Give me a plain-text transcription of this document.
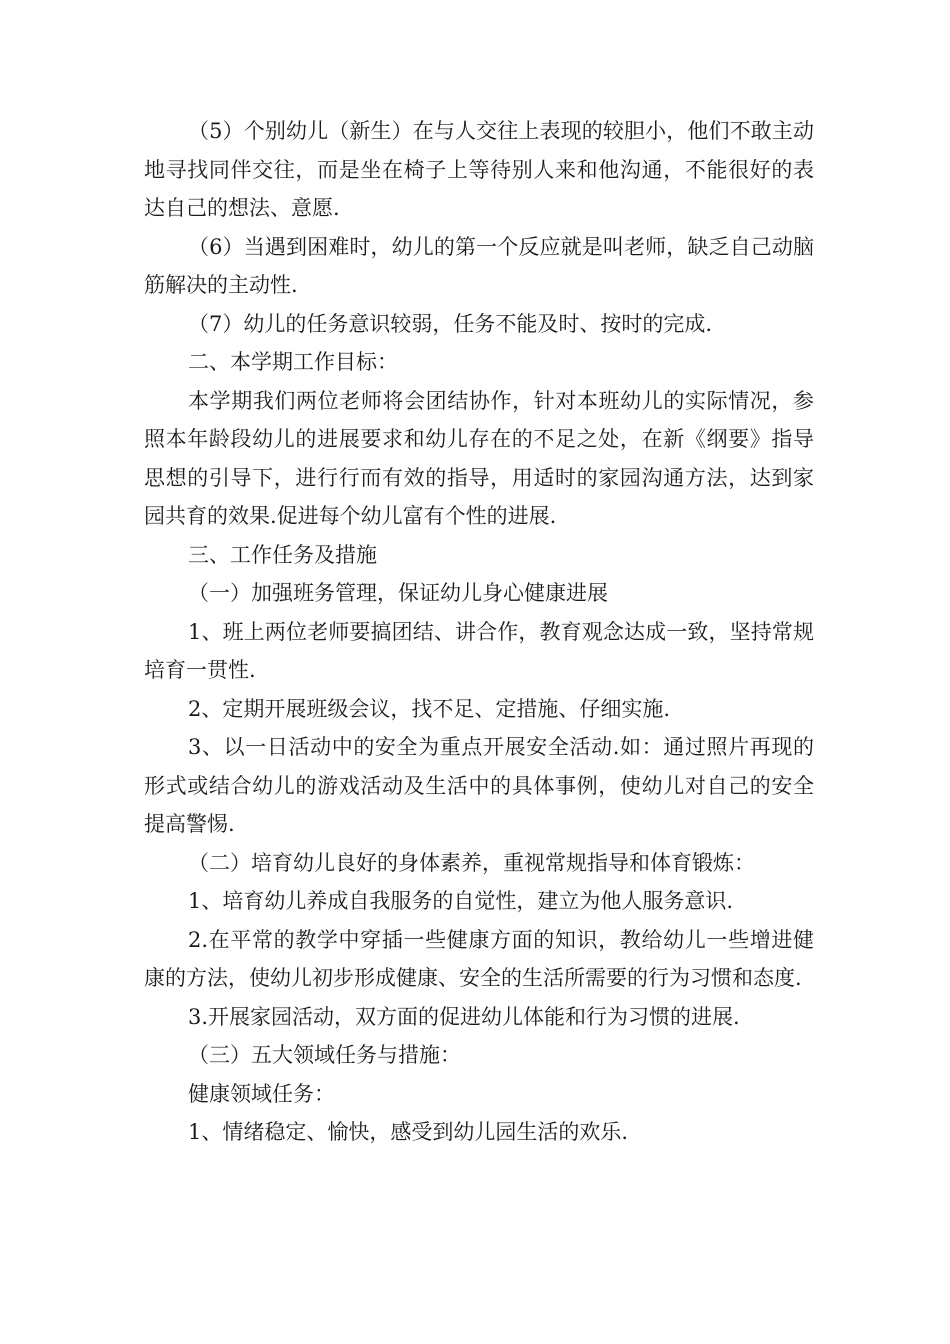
（5）个别幼儿（新生）在与人交往上表现的较胆小，他们不敢主动地寻找同伴交往，而是坐在椅子上等待别人来和他沟通，不能很好的表达自己的想法、意愿.

（6）当遇到困难时，幼儿的第一个反应就是叫老师，缺乏自己动脑筋解决的主动性.

（7）幼儿的任务意识较弱，任务不能及时、按时的完成.

二、本学期工作目标：

本学期我们两位老师将会团结协作，针对本班幼儿的实际情况，参照本年龄段幼儿的进展要求和幼儿存在的不足之处，在新《纲要》指导思想的引导下，进行行而有效的指导，用适时的家园沟通方法，达到家园共育的效果.促进每个幼儿富有个性的进展.

三、工作任务及措施

（一）加强班务管理，保证幼儿身心健康进展

1、班上两位老师要搞团结、讲合作，教育观念达成一致，坚持常规培育一贯性.

2、定期开展班级会议，找不足、定措施、仔细实施.

3、以一日活动中的安全为重点开展安全活动.如：通过照片再现的形式或结合幼儿的游戏活动及生活中的具体事例，使幼儿对自己的安全提高警惕.

（二）培育幼儿良好的身体素养，重视常规指导和体育锻炼：

1、培育幼儿养成自我服务的自觉性，建立为他人服务意识.

2.在平常的教学中穿插一些健康方面的知识，教给幼儿一些增进健康的方法，使幼儿初步形成健康、安全的生活所需要的行为习惯和态度.

3.开展家园活动，双方面的促进幼儿体能和行为习惯的进展.

（三）五大领域任务与措施：

健康领域任务：

1、情绪稳定、愉快，感受到幼儿园生活的欢乐.
